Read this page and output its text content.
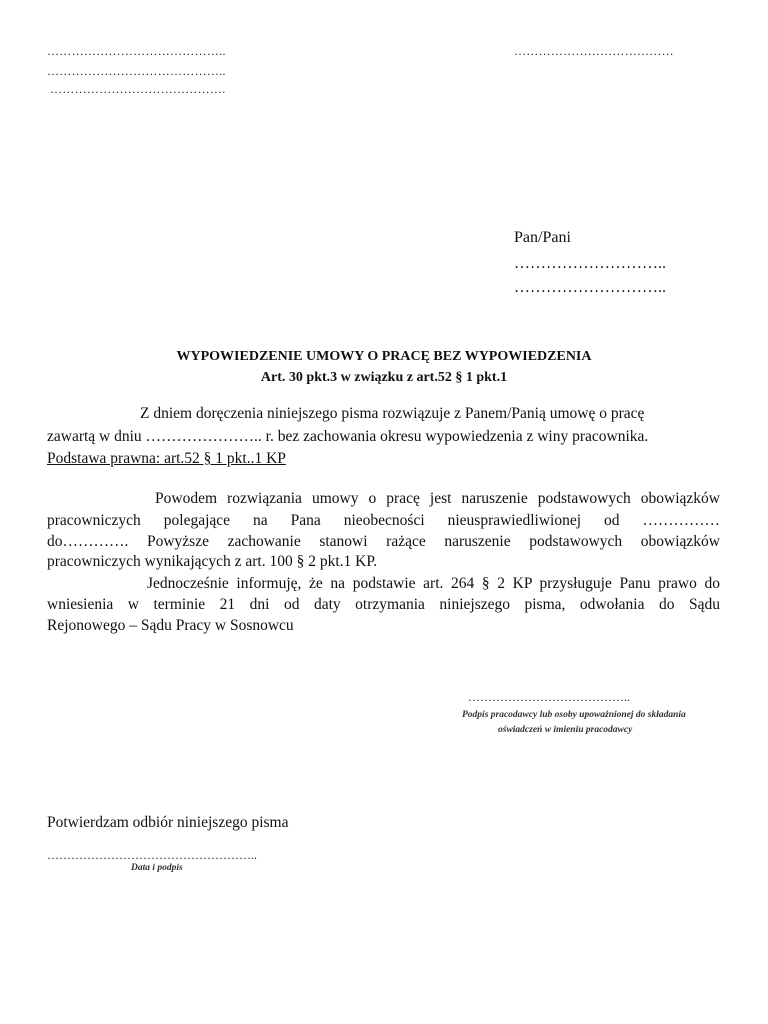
……………………………………..
……………………………………..
…………………………………….
…………………………………
Pan/Pani
………………………..
………………………..
WYPOWIEDZENIE UMOWY O PRACĘ BEZ WYPOWIEDZENIA
Art. 30 pkt.3 w związku z art.52 § 1 pkt.1
Z dniem doręczenia niniejszego pisma rozwiązuje z Panem/Panią umowę o pracę
zawartą w dniu ………………….. r. bez zachowania okresu wypowiedzenia z winy pracownika.
Podstawa prawna: art.52 § 1 pkt..1 KP
Powodem rozwiązania umowy o pracę jest naruszenie podstawowych obowiązków
pracowniczych polegające na Pana nieobecności nieusprawiedliwionej od ……………
do…………. Powyższe zachowanie stanowi rażące naruszenie podstawowych obowiązków
pracowniczych wynikających z art. 100 § 2 pkt.1 KP.
Jednocześnie informuję, że na podstawie art. 264 § 2 KP przysługuje Panu prawo do
wniesienia w terminie 21 dni od daty otrzymania niniejszego pisma, odwołania do Sądu
Rejonowego – Sądu Pracy w Sosnowcu
…………………………………..
Podpis pracodawcy lub osoby upoważnionej do składania
oświadczeń w imieniu pracodawcy
Potwierdzam odbiór niniejszego pisma
……………………………………………..
Data i podpis
